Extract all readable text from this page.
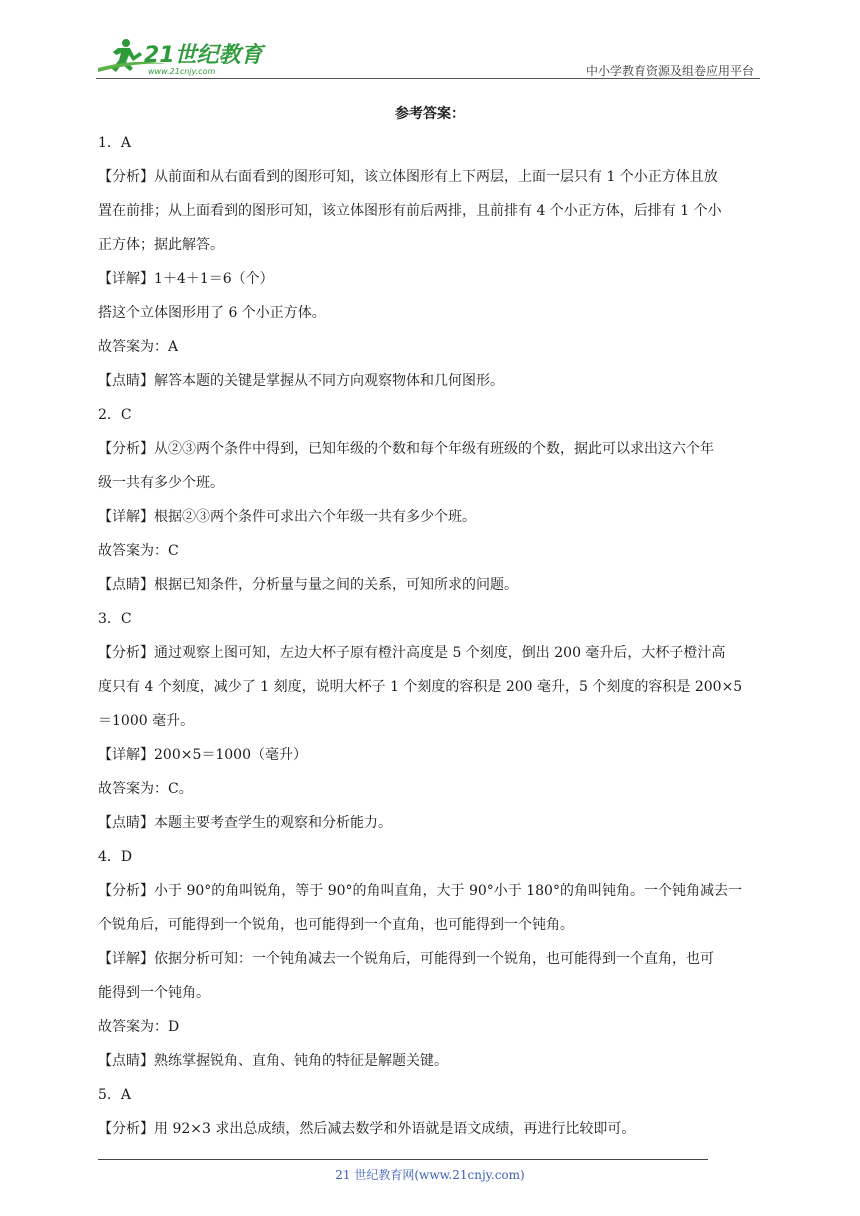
21世纪教育
www.21cnjy.com	中小学教育资源及组卷应用平台
参考答案：

1．A

【分析】从前面和从右面看到的图形可知，该立体图形有上下两层，上面一层只有 1 个小正方体且放

置在前排；从上面看到的图形可知，该立体图形有前后两排，且前排有 4 个小正方体，后排有 1 个小

正方体；据此解答。

【详解】1＋4＋1＝6（个）

搭这个立体图形用了 6 个小正方体。

故答案为：A

【点睛】解答本题的关键是掌握从不同方向观察物体和几何图形。

2．C

【分析】从②③两个条件中得到，已知年级的个数和每个年级有班级的个数，据此可以求出这六个年

级一共有多少个班。

【详解】根据②③两个条件可求出六个年级一共有多少个班。

故答案为：C

【点睛】根据已知条件，分析量与量之间的关系，可知所求的问题。

3．C

【分析】通过观察上图可知，左边大杯子原有橙汁高度是 5 个刻度，倒出 200 毫升后，大杯子橙汁高

度只有 4 个刻度，减少了 1 刻度，说明大杯子 1 个刻度的容积是 200 毫升，5 个刻度的容积是 200×5

＝1000 毫升。

【详解】200×5＝1000（毫升）

故答案为：C。

【点睛】本题主要考查学生的观察和分析能力。

4．D

【分析】小于 90°的角叫锐角，等于 90°的角叫直角，大于 90°小于 180°的角叫钝角。一个钝角减去一

个锐角后，可能得到一个锐角，也可能得到一个直角，也可能得到一个钝角。

【详解】依据分析可知：一个钝角减去一个锐角后，可能得到一个锐角，也可能得到一个直角，也可

能得到一个钝角。

故答案为：D

【点睛】熟练掌握锐角、直角、钝角的特征是解题关键。

5．A

【分析】用 92×3 求出总成绩，然后减去数学和外语就是语文成绩，再进行比较即可。

21 世纪教育网(www.21cnjy.com)
